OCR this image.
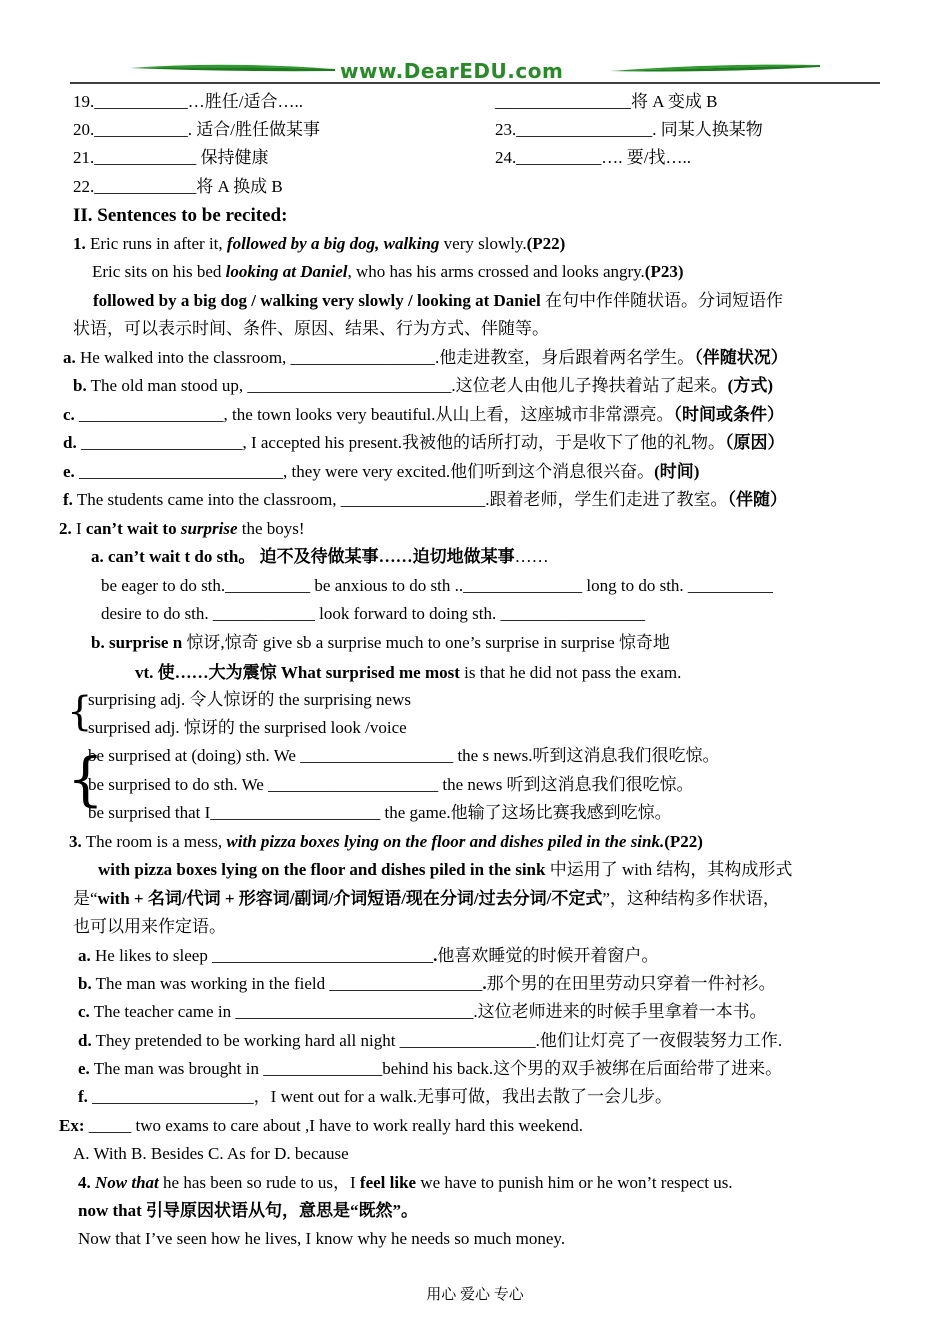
www.DearEDU.com
19.___________…胜任/适合…..	________________将 A 变成 B
20.___________. 适合/胜任做某事	23.________________. 同某人换某物
21.____________ 保持健康	24.__________…. 要/找…..
22.____________将 A 换成 B
II. Sentences to be recited:
1. Eric runs in after it, followed by a big dog, walking very slowly.(P22)
Eric sits on his bed looking at Daniel, who has his arms crossed and looks angry.(P23)
followed by a big dog / walking very slowly / looking at Daniel 在句中作伴随状语。分词短语作
状语，可以表示时间、条件、原因、结果、行为方式、伴随等。
a. He walked into the classroom, _________________.他走进教室，身后跟着两名学生。（伴随状况）
b. The old man stood up, ________________________.这位老人由他儿子搀扶着站了起来。(方式)
c. _________________, the town looks very beautiful.从山上看，这座城市非常漂亮。（时间或条件）
d. ___________________, I accepted his present.我被他的话所打动，于是收下了他的礼物。（原因）
e. ________________________, they were very excited.他们听到这个消息很兴奋。(时间)
f. The students came into the classroom, _________________.跟着老师，学生们走进了教室。（伴随）
2. I can’t wait to surprise the boys!
a. can’t wait t do sth。 迫不及待做某事……迫切地做某事……
be eager to do sth.__________ be anxious to do sth ..______________ long to do sth. __________
desire to do sth. ____________ look forward to doing sth. _________________
b. surprise n 惊讶,惊奇 give sb a surprise much to one’s surprise in surprise 惊奇地
vt. 使……大为震惊 What surprised me most is that he did not pass the exam.
{
surprising adj. 令人惊讶的 the surprising news
surprised adj. 惊讶的 the surprised look /voice
{
be surprised at (doing) sth. We __________________ the s news.听到这消息我们很吃惊。
be surprised to do sth. We ____________________ the news 听到这消息我们很吃惊。
be surprised that I____________________ the game.他输了这场比赛我感到吃惊。
3. The room is a mess, with pizza boxes lying on the floor and dishes piled in the sink.(P22)
with pizza boxes lying on the floor and dishes piled in the sink 中运用了 with 结构，其构成形式
是“with + 名词/代词 + 形容词/副词/介词短语/现在分词/过去分词/不定式”，这种结构多作状语，
也可以用来作定语。
a. He likes to sleep __________________________.他喜欢睡觉的时候开着窗户。
b. The man was working in the field __________________.那个男的在田里劳动只穿着一件衬衫。
c. The teacher came in ____________________________.这位老师进来的时候手里拿着一本书。
d. They pretended to be working hard all night ________________.他们让灯亮了一夜假装努力工作.
e. The man was brought in ______________behind his back.这个男的双手被绑在后面给带了进来。
f. ___________________，I went out for a walk.无事可做，我出去散了一会儿步。
Ex: _____ two exams to care about ,I have to work really hard this weekend.
A. With B. Besides C. As for D. because
4. Now that he has been so rude to us，I feel like we have to punish him or he won’t respect us.
now that 引导原因状语从句，意思是“既然”。
Now that I’ve seen how he lives, I know why he needs so much money.
用心 爱心 专心
